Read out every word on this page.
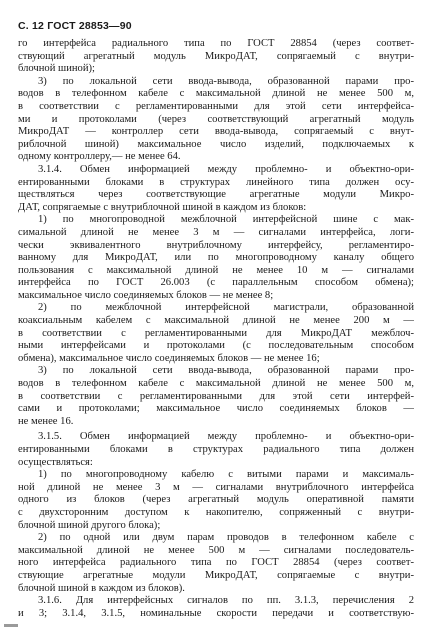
С. 12 ГОСТ 28853—90
го интерфейса радиального типа по ГОСТ 28854 (через соответ-
ствующий агрегатный модуль МикроДАТ, сопрягаемый с внутри-
блочной шиной);
3) по локальной сети ввода-вывода, образованной парами про-
водов в телефонном кабеле с максимальной длиной не менее 500 м,
в соответствии с регламентированными для этой сети интерфейса-
ми и протоколами (через соответствующий агрегатный модуль
МикроДАТ — контроллер сети ввода-вывода, сопрягаемый с внут-
риблочной шиной) максимальное число изделий, подключаемых к
одному контроллеру,— не менее 64.
3.1.4. Обмен информацией между проблемно- и объектно-ори-
ентированными блоками в структурах линейного типа должен осу-
ществляться через соответствующие агрегатные модули Микро-
ДАТ, сопрягаемые с внутриблочной шиной в каждом из блоков:
1) по многопроводной межблочной интерфейсной шине с мак-
симальной длиной не менее 3 м — сигналами интерфейса, логи-
чески эквивалентного внутриблочному интерфейсу, регламентиро-
ванному для МикроДАТ, или по многопроводному каналу общего
пользования с максимальной длиной не менее 10 м — сигналами
интерфейса по ГОСТ 26.003 (с параллельным способом обмена);
максимальное число соединяемых блоков — не менее 8;
2) по межблочной интерфейсной магистрали, образованной
коаксиальным кабелем с максимальной длиной не менее 200 м —
в соответствии с регламентированными для МикроДАТ межблоч-
ными интерфейсами и протоколами (с последовательным способом
обмена), максимальное число соединяемых блоков — не менее 16;
3) по локальной сети ввода-вывода, образованной парами про-
водов в телефонном кабеле с максимальной длиной не менее 500 м,
в соответствии с регламентированными для этой сети интерфей-
сами и протоколами; максимальное число соединяемых блоков —
не менее 16.
3.1.5. Обмен информацией между проблемно- и объектно-ори-
ентированными блоками в структурах радиального типа должен
осуществляться:
1) по многопроводному кабелю с витыми парами и максималь-
ной длиной не менее 3 м — сигналами внутриблочного интерфейса
одного из блоков (через агрегатный модуль оперативной памяти
с двухсторонним доступом к накопителю, сопряженный с внутри-
блочной шиной другого блока);
2) по одной или двум парам проводов в телефонном кабеле с
максимальной длиной не менее 500 м — сигналами последователь-
ного интерфейса радиального типа по ГОСТ 28854 (через соответ-
ствующие агрегатные модули МикроДАТ, сопрягаемые с внутри-
блочной шиной в каждом из блоков).
3.1.6. Для интерфейсных сигналов по пп. 3.1.3, перечисления 2
и 3; 3.1.4, 3.1.5, номинальные скорости передачи и соответствую-
